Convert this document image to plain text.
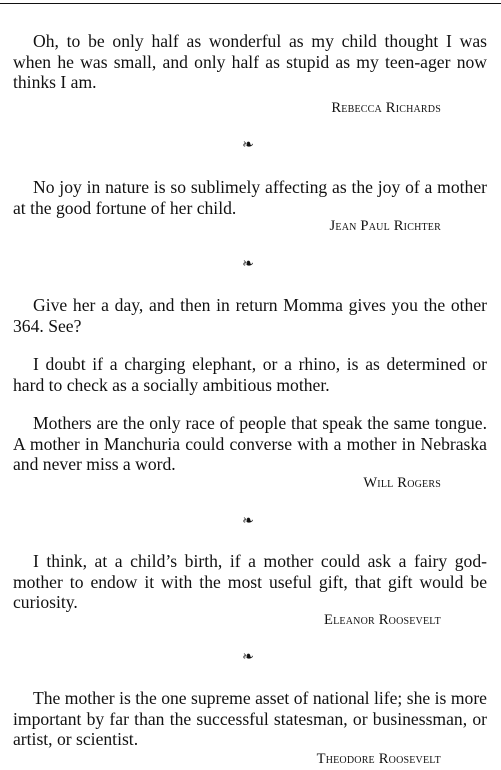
Oh, to be only half as wonderful as my child thought I was when he was small, and only half as stupid as my teen-ager now thinks I am.

Rebecca Richards

❧

No joy in nature is so sublimely affecting as the joy of a mother at the good fortune of her child.

Jean Paul Richter

❧

Give her a day, and then in return Momma gives you the other 364. See?

I doubt if a charging elephant, or a rhino, is as determined or hard to check as a socially ambitious mother.

Mothers are the only race of people that speak the same tongue. A mother in Manchuria could converse with a mother in Nebraska and never miss a word.

Will Rogers

❧

I think, at a child’s birth, if a mother could ask a fairy godmother to endow it with the most useful gift, that gift would be curiosity.

Eleanor Roosevelt

❧

The mother is the one supreme asset of national life; she is more important by far than the successful statesman, or businessman, or artist, or scientist.

Theodore Roosevelt
